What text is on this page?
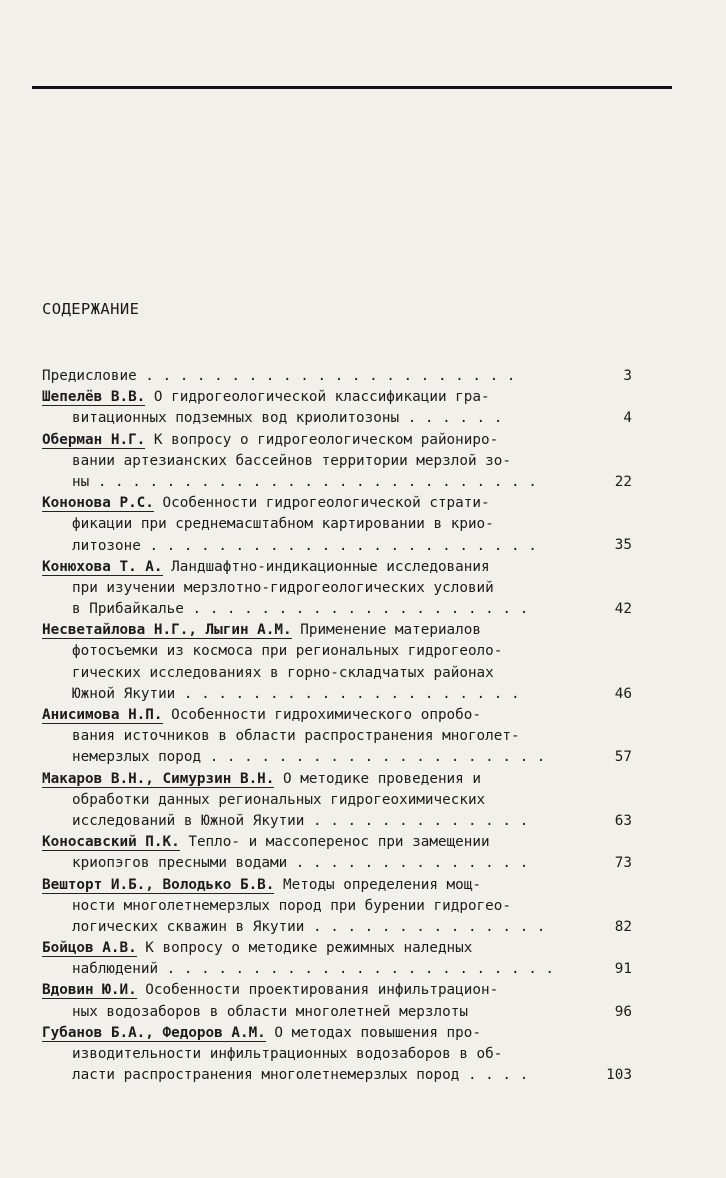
СОДЕРЖАНИЕ
Предисловие . . . . . . . . . . . . . . . . . . . . . .	3
Шепелёв В.В. О гидрогеологической классификации гра-
витационных подземных вод криолитозоны . . . . . .	4
Оберман Н.Г. К вопросу о гидрогеологическом райониро-
вании артезианских бассейнов территории мерзлой зо-
ны . . . . . . . . . . . . . . . . . . . . . . . . . .	22
Кононова Р.С. Особенности гидрогеологической страти-
фикации при среднемасштабном картировании в крио-
литозоне . . . . . . . . . . . . . . . . . . . . . . .	35
Конюхова Т. А. Ландшафтно-индикационные исследования
при изучении мерзлотно-гидрогеологических условий
в Прибайкалье . . . . . . . . . . . . . . . . . . . .	42
Несветайлова Н.Г., Лыгин А.М. Применение материалов
фотосъемки из космоса при региональных гидрогеоло-
гических исследованиях в горно-складчатых районах
Южной Якутии . . . . . . . . . . . . . . . . . . . .	46
Анисимова Н.П. Особенности гидрохимического опробо-
вания источников в области распространения многолет-
немерзлых пород . . . . . . . . . . . . . . . . . . . .	57
Макаров В.Н., Симурзин В.Н. О методике проведения и
обработки данных региональных гидрогеохимических
исследований в Южной Якутии . . . . . . . . . . . . .	63
Коносавский П.К. Тепло- и массоперенос при замещении
криопэгов пресными водами . . . . . . . . . . . . . .	73
Вешторт И.Б., Володько Б.В. Методы определения мощ-
ности многолетнемерзлых пород при бурении гидрогео-
логических скважин в Якутии . . . . . . . . . . . . . .	82
Бойцов А.В. К вопросу о методике режимных наледных
наблюдений . . . . . . . . . . . . . . . . . . . . . . .	91
Вдовин Ю.И. Особенности проектирования инфильтрацион-
ных водозаборов в области многолетней мерзлоты	96
Губанов Б.А., Федоров А.М. О методах повышения про-
изводительности инфильтрационных водозаборов в об-
ласти распространения многолетнемерзлых пород . . . .	103
